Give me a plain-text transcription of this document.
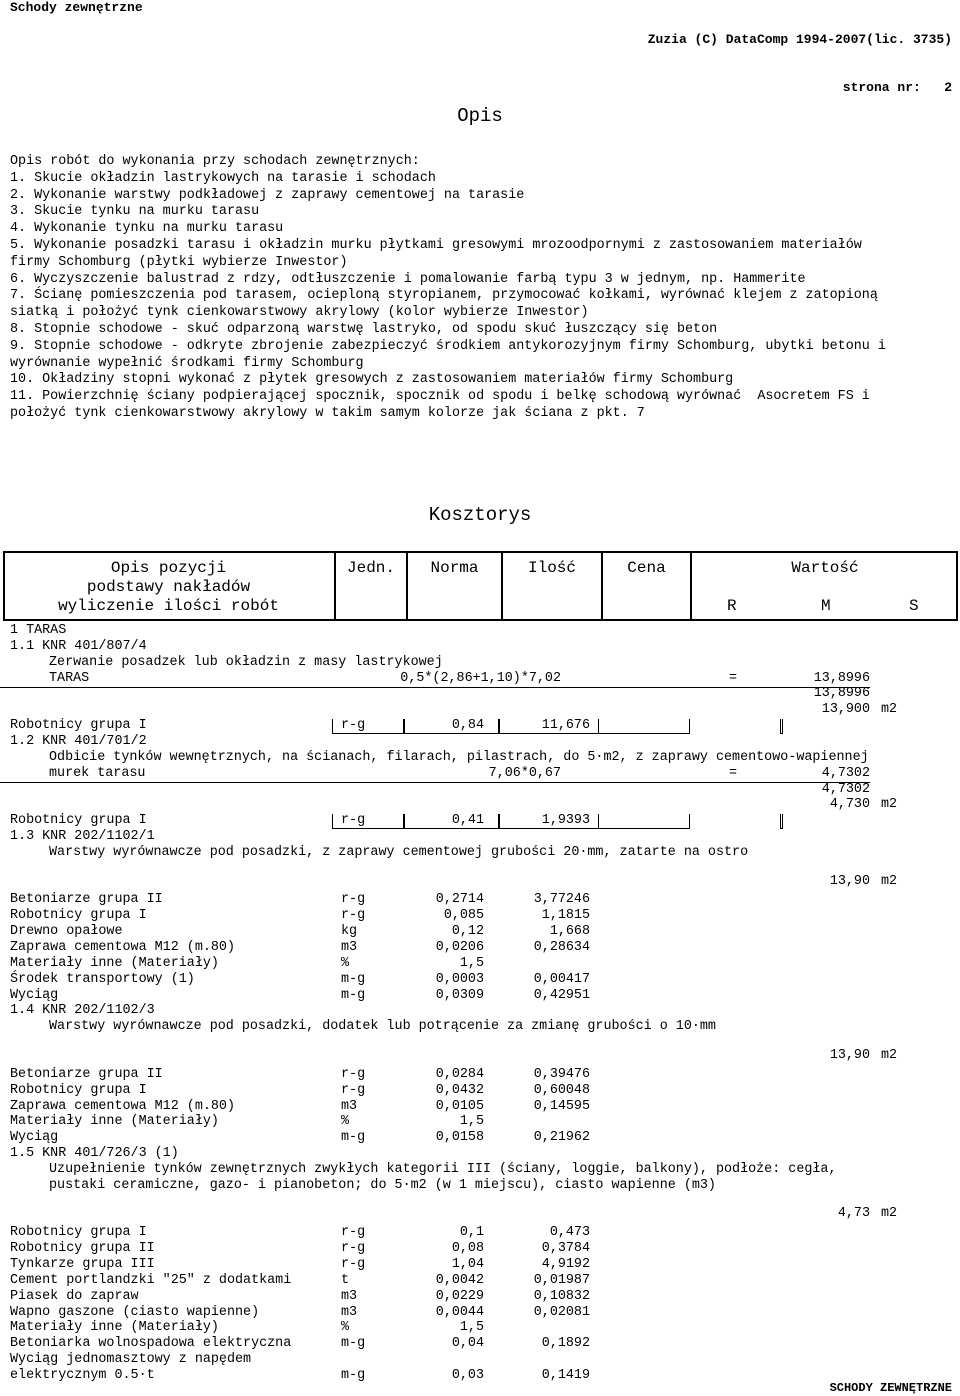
Schody zewnętrzne

Zuzia (C) DataComp 1994-2007(lic. 3735)

strona nr:   2

Opis
Opis robót do wykonania przy schodach zewnętrznych:
1. Skucie okładzin lastrykowych na tarasie i schodach
2. Wykonanie warstwy podkładowej z zaprawy cementowej na tarasie
3. Skucie tynku na murku tarasu
4. Wykonanie tynku na murku tarasu
5. Wykonanie posadzki tarasu i okładzin murku płytkami gresowymi mrozoodpornymi z zastosowaniem materiałów
firmy Schomburg (płytki wybierze Inwestor)
6. Wyczyszczenie balustrad z rdzy, odtłuszczenie i pomalowanie farbą typu 3 w jednym, np. Hammerite
7. Ścianę pomieszczenia pod tarasem, ocieploną styropianem, przymocować kołkami, wyrównać klejem z zatopioną
siatką i położyć tynk cienkowarstwowy akrylowy (kolor wybierze Inwestor)
8. Stopnie schodowe - skuć odparzoną warstwę lastryko, od spodu skuć łuszczący się beton
9. Stopnie schodowe - odkryte zbrojenie zabezpieczyć środkiem antykorozyjnym firmy Schomburg, ubytki betonu i
wyrównanie wypełnić środkami firmy Schomburg
10. Okładziny stopni wykonać z płytek gresowych z zastosowaniem materiałów firmy Schomburg
11. Powierzchnię ściany podpierającej spocznik, spocznik od spodu i belkę schodową wyrównać  Asocretem FS i
położyć tynk cienkowarstwowy akrylowy w takim samym kolorze jak ściana z pkt. 7
Kosztorys
Opis pozycji
podstawy nakładów
wyliczenie ilości robót
Jedn.	Norma	Ilość	Cena	Wartość
R	M	S
1 TARAS
1.1 KNR 401/807/4
Zerwanie posadzek lub okładzin z masy lastrykowej
TARAS	0,5*(2,86+1,10)*7,02	=	13,8996
13,8996
13,900 m2
Robotnicy grupa I	r-g	0,84	11,676
1.2 KNR 401/701/2
Odbicie tynków wewnętrznych, na ścianach, filarach, pilastrach, do 5·m2, z zaprawy cementowo-wapiennej
murek tarasu	7,06*0,67	=	4,7302
4,7302
4,730 m2
Robotnicy grupa I	r-g	0,41	1,9393
1.3 KNR 202/1102/1
Warstwy wyrównawcze pod posadzki, z zaprawy cementowej grubości 20·mm, zatarte na ostro
13,90 m2
Betoniarze grupa II	r-g	0,2714	3,77246
Robotnicy grupa I	r-g	0,085	1,1815
Drewno opałowe	kg	0,12	1,668
Zaprawa cementowa M12 (m.80)	m3	0,0206	0,28634
Materiały inne (Materiały)	%	1,5
Środek transportowy (1)	m-g	0,0003	0,00417
Wyciąg	m-g	0,0309	0,42951
1.4 KNR 202/1102/3
Warstwy wyrównawcze pod posadzki, dodatek lub potrącenie za zmianę grubości o 10·mm
13,90 m2
Betoniarze grupa II	r-g	0,0284	0,39476
Robotnicy grupa I	r-g	0,0432	0,60048
Zaprawa cementowa M12 (m.80)	m3	0,0105	0,14595
Materiały inne (Materiały)	%	1,5
Wyciąg	m-g	0,0158	0,21962
1.5 KNR 401/726/3 (1)
Uzupełnienie tynków zewnętrznych zwykłych kategorii III (ściany, loggie, balkony), podłoże: cegła,
pustaki ceramiczne, gazo- i pianobeton; do 5·m2 (w 1 miejscu), ciasto wapienne (m3)
4,73 m2
Robotnicy grupa I	r-g	0,1	0,473
Robotnicy grupa II	r-g	0,08	0,3784
Tynkarze grupa III	r-g	1,04	4,9192
Cement portlandzki "25" z dodatkami	t	0,0042	0,01987
Piasek do zapraw	m3	0,0229	0,10832
Wapno gaszone (ciasto wapienne)	m3	0,0044	0,02081
Materiały inne (Materiały)	%	1,5
Betoniarka wolnospadowa elektryczna	m-g	0,04	0,1892
Wyciąg jednomasztowy z napędem
elektrycznym 0.5·t	m-g	0,03	0,1419
SCHODY ZEWNĘTRZNE
